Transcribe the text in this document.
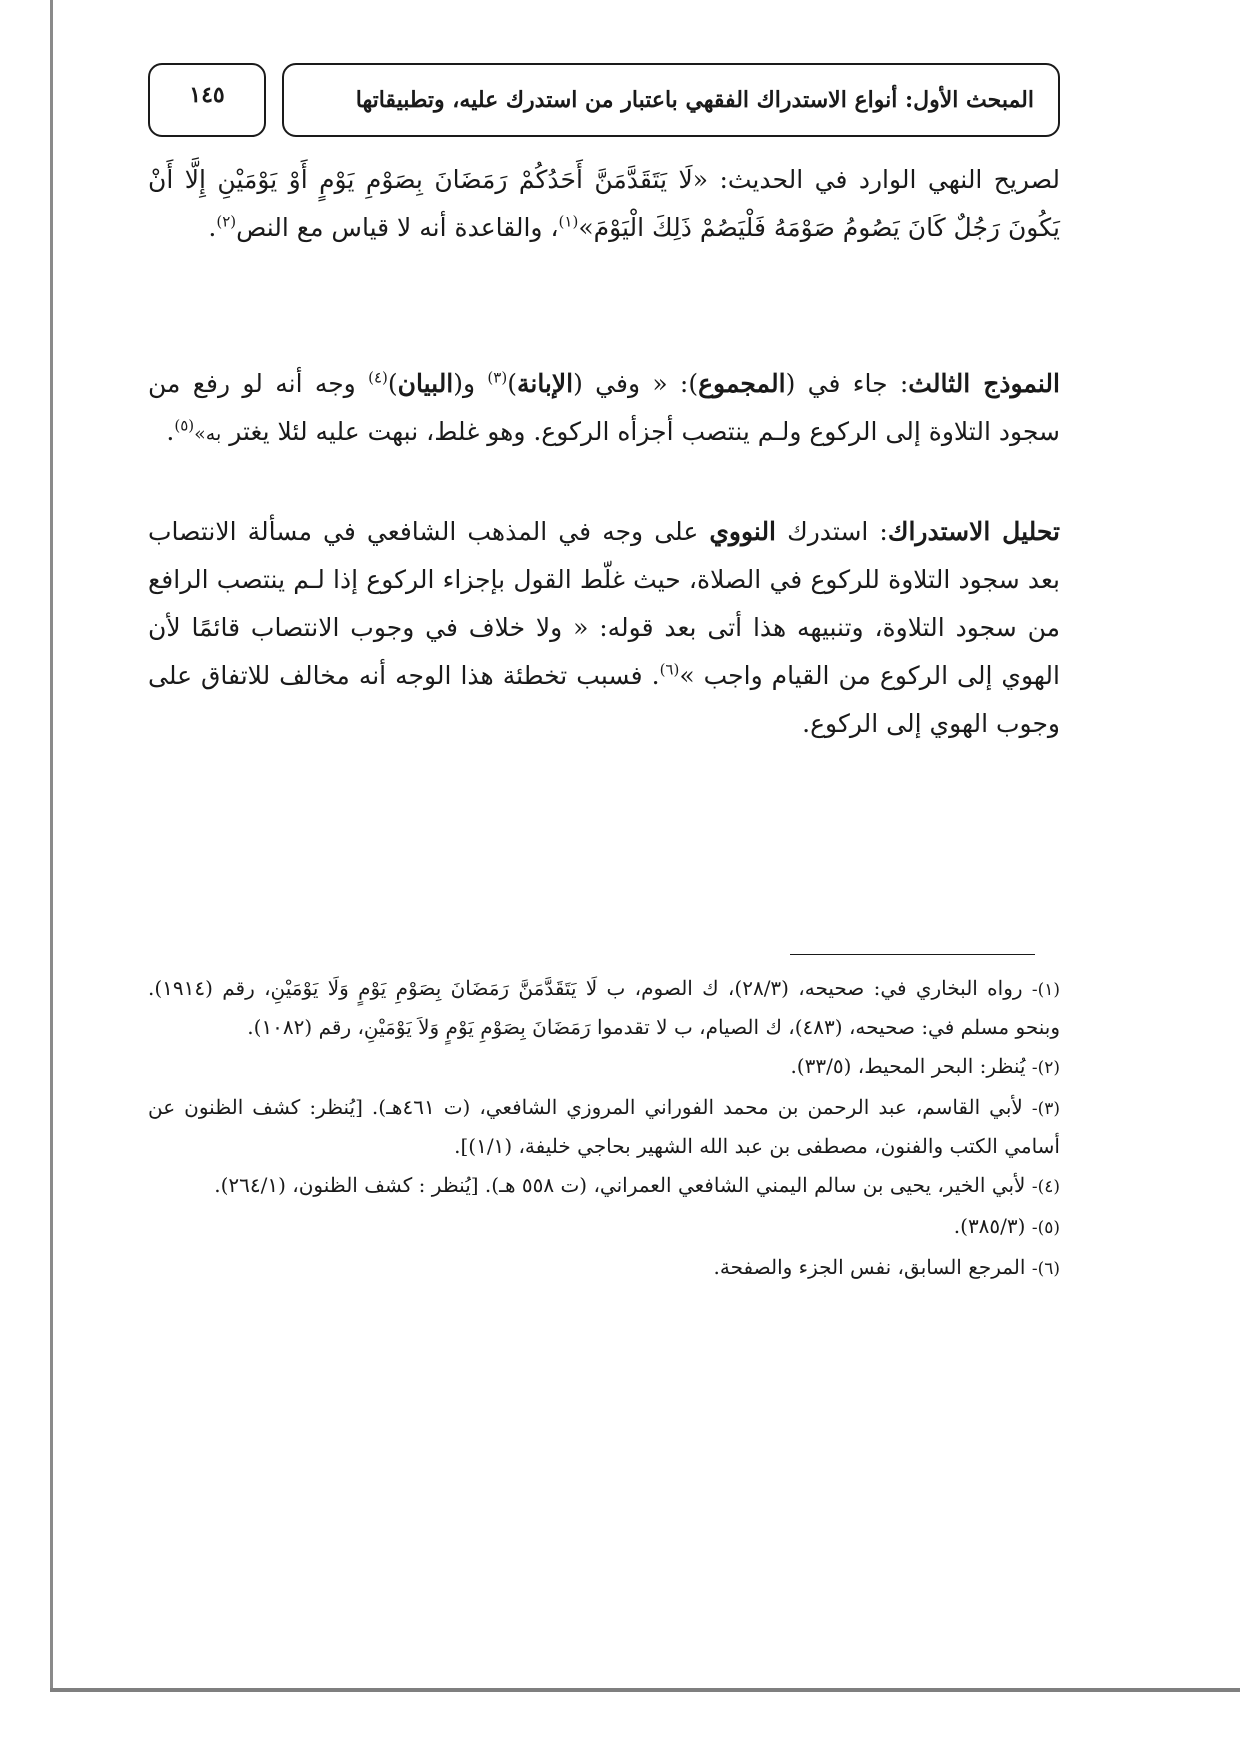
المبحث الأول: أنواع الاستدراك الفقهي باعتبار من استدرك عليه، وتطبيقاتها
١٤٥

لصريح النهي الوارد في الحديث: «لَا يَتَقَدَّمَنَّ أَحَدُكُمْ رَمَضَانَ بِصَوْمِ يَوْمٍ أَوْ يَوْمَيْنِ إِلَّا أَنْ يَكُونَ رَجُلٌ كَانَ يَصُومُ صَوْمَهُ فَلْيَصُمْ ذَلِكَ الْيَوْمَ»$^{(١)}$، والقاعدة أنه لا قياس مع النص$^{(٢)}$.

النموذج الثالث: جاء في (المجموع): « وفي (الإبانة)$^{(٣)}$ و(البيان)$^{(٤)}$ وجه أنه لو رفع من سجود التلاوة إلى الركوع ولـم ينتصب أجزأه الركوع. وهو غلط، نبهت عليه لئلا يغتر به»$^{(٥)}$.

تحليل الاستدراك: استدرك النووي على وجه في المذهب الشافعي في مسألة الانتصاب بعد سجود التلاوة للركوع في الصلاة، حيث غلّط القول بإجزاء الركوع إذا لـم ينتصب الرافع من سجود التلاوة، وتنبيهه هذا أتى بعد قوله: « ولا خلاف في وجوب الانتصاب قائمًا لأن الهوي إلى الركوع من القيام واجب »$^{(٦)}$. فسبب تخطئة هذا الوجه أنه مخالف للاتفاق على وجوب الهوي إلى الركوع.

(١)- رواه البخاري في: صحيحه، (٢٨/٣)، ك الصوم، ب لَا يَتَقَدَّمَنَّ رَمَضَانَ بِصَوْمِ يَوْمٍ وَلَا يَوْمَيْنِ، رقم (١٩١٤). وبنحو مسلم في: صحيحه، (٤٨٣)، ك الصيام، ب لا تقدموا رَمَضَانَ بِصَوْمِ يَوْمٍ وَلاَ يَوْمَيْنِ، رقم (١٠٨٢).

(٢)- يُنظر: البحر المحيط، (٣٣/٥).

(٣)- لأبي القاسم، عبد الرحمن بن محمد الفوراني المروزي الشافعي، (ت ٤٦١هـ). [يُنظر: كشف الظنون عن أسامي الكتب والفنون، مصطفى بن عبد الله الشهير بحاجي خليفة، (١/١)].

(٤)- لأبي الخير، يحيى بن سالم اليمني الشافعي العمراني، (ت ٥٥٨ هـ). [يُنظر : كشف الظنون، (٢٦٤/١).

(٥)- (٣٨٥/٣).

(٦)- المرجع السابق، نفس الجزء والصفحة.
